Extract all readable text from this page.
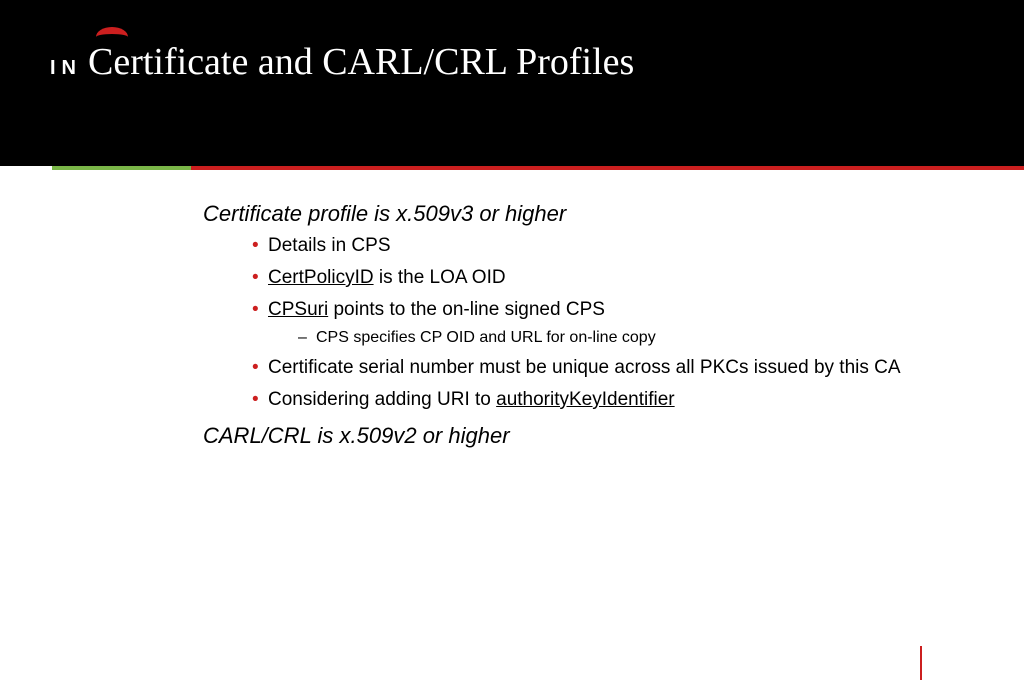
IN Certificate and CARL/CRL Profiles

Certificate profile is x.509v3 or higher

• Details in CPS
• CertPolicyID is the LOA OID
• CPSuri points to the on-line signed CPS
– CPS specifies CP OID and URL for on-line copy
• Certificate serial number must be unique across all PKCs issued by this CA
• Considering adding URI to authorityKeyIdentifier

CARL/CRL is x.509v2 or higher
